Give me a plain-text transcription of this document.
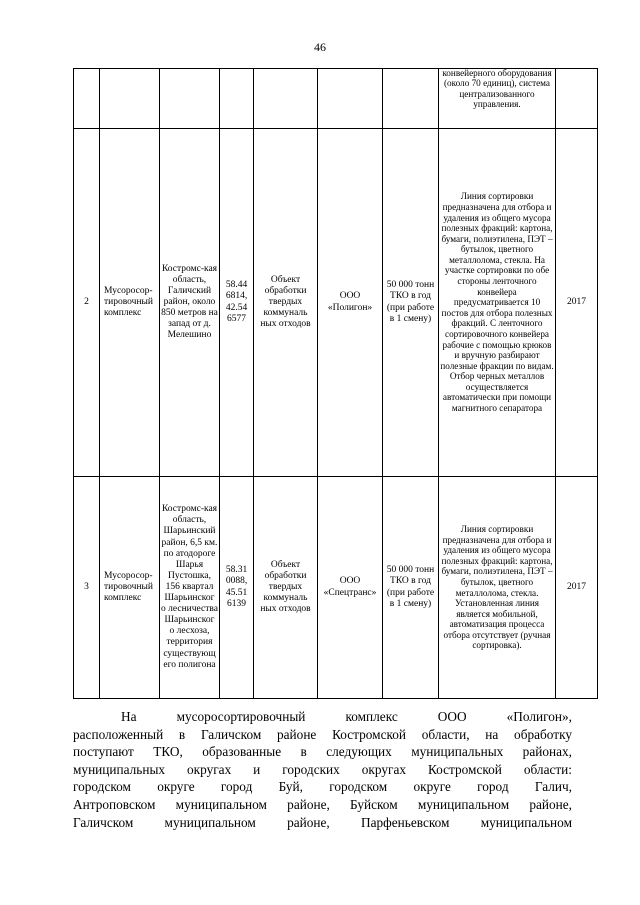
46

							конвейерного оборудования (около 70 единиц), система централизованного управления.	

2	Мусоросор-тировочный комплекс	Костромс-кая область, Галичский район, около 850 метров на запад от д. Мелешино	58.44 6814, 42.54 6577	Объект обработки твердых коммуналь ных отходов	ООО «Полигон»	50 000 тонн ТКО в год (при работе в 1 смену)	Линия сортировки предназначена для отбора и удаления из общего мусора полезных фракций: картона, бумаги, полиэтилена, ПЭТ – бутылок, цветного металлолома, стекла. На участке сортировки по обе стороны ленточного конвейера предусматривается 10 постов для отбора полезных фракций. С ленточного сортировочного конвейера рабочие с помощью крюков и вручную разбирают полезные фракции по видам. Отбор черных металлов осуществляется автоматически при помощи магнитного сепаратора	2017
3	Мусоросор-тировочный комплекс	Костромс-кая область, Шарьинский район, 6,5 км. по атодороге Шарья Пустошка, 156 квартал Шарьинског о лесничества Шарьинског о лесхоза, территория существующ его полигона	58.31 0088, 45.51 6139	Объект обработки твердых коммуналь ных отходов	ООО «Спецтранс»	50 000 тонн ТКО в год (при работе в 1 смену)	Линия сортировки предназначена для отбора и удаления из общего мусора полезных фракций: картона, бумаги, полиэтилена, ПЭТ – бутылок, цветного металлолома, стекла. Установленная линия является мобильной, автоматизация процесса отбора отсутствует (ручная сортировка).	2017
На мусоросортировочный комплекс ООО «Полигон»,
расположенный в Галичском районе Костромской области, на обработку
поступают ТКО, образованные в следующих муниципальных районах,
муниципальных округах и городских округах Костромской области:
городском округе город Буй, городском округе город Галич,
Антроповском муниципальном районе, Буйском муниципальном районе,
Галичском муниципальном районе, Парфеньевском муниципальном
